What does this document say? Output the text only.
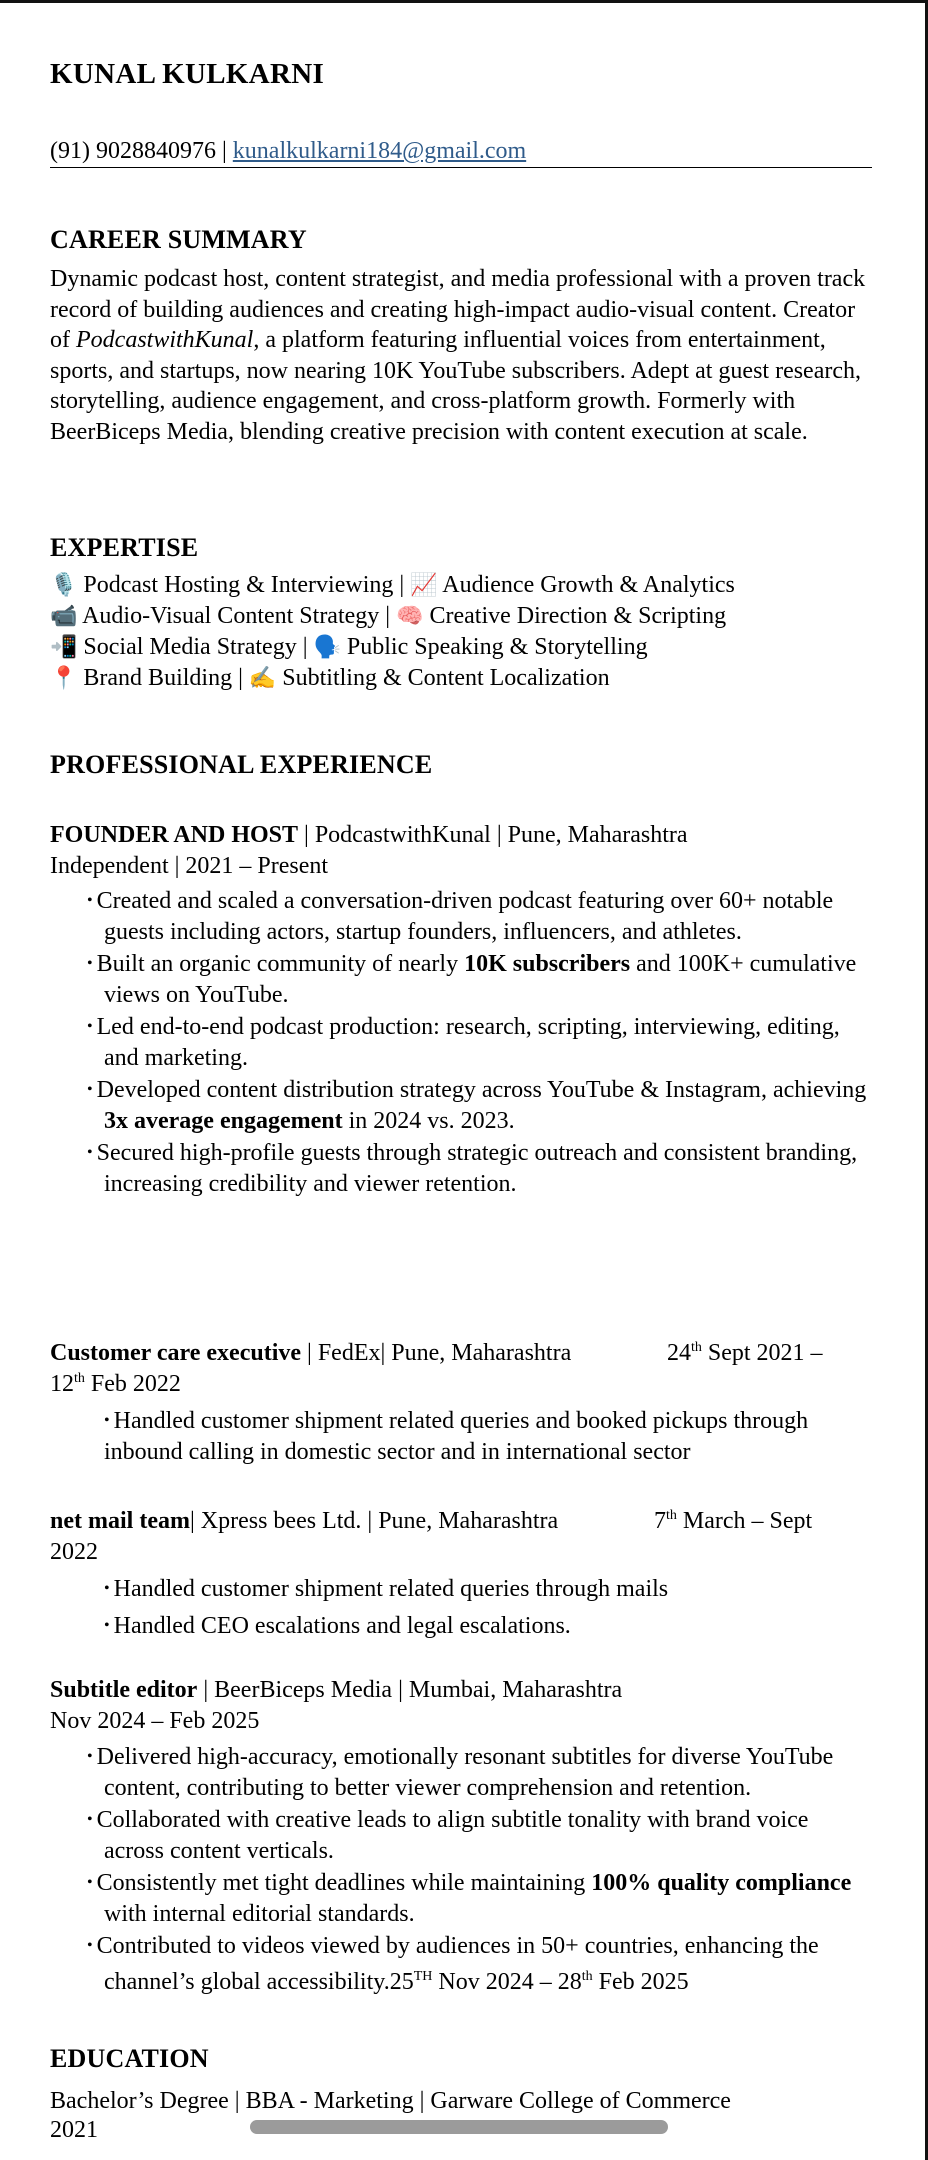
KUNAL KULKARNI
(91) 9028840976 | kunalkulkarni184@gmail.com
CAREER SUMMARY

Dynamic podcast host, content strategist, and media professional with a proven track record of building audiences and creating high-impact audio-visual content. Creator of PodcastwithKunal, a platform featuring influential voices from entertainment, sports, and startups, now nearing 10K YouTube subscribers. Adept at guest research, storytelling, audience engagement, and cross-platform growth. Formerly with BeerBiceps Media, blending creative precision with content execution at scale.

EXPERTISE
🎙️ Podcast Hosting & Interviewing | 📈 Audience Growth & Analytics
📹 Audio-Visual Content Strategy | 🧠 Creative Direction & Scripting
📲 Social Media Strategy | 🗣️ Public Speaking & Storytelling
📍 Brand Building | ✍️ Subtitling & Content Localization
PROFESSIONAL EXPERIENCE
FOUNDER AND HOST | PodcastwithKunal | Pune, Maharashtra
Independent | 2021 – Present
• Created and scaled a conversation-driven podcast featuring over 60+ notable guests including actors, startup founders, influencers, and athletes.
• Built an organic community of nearly 10K subscribers and 100K+ cumulative views on YouTube.
• Led end-to-end podcast production: research, scripting, interviewing, editing, and marketing.
• Developed content distribution strategy across YouTube & Instagram, achieving 3x average engagement in 2024 vs. 2023.
• Secured high-profile guests through strategic outreach and consistent branding, increasing credibility and viewer retention.
Customer care executive | FedEx| Pune, Maharashtra	24th Sept 2021 –
12th Feb 2022
• Handled customer shipment related queries and booked pickups through inbound calling in domestic sector and in international sector
net mail team| Xpress bees Ltd. | Pune, Maharashtra	7th March – Sept
2022
• Handled customer shipment related queries through mails
• Handled CEO escalations and legal escalations.
Subtitle editor | BeerBiceps Media | Mumbai, Maharashtra
Nov 2024 – Feb 2025
• Delivered high-accuracy, emotionally resonant subtitles for diverse YouTube content, contributing to better viewer comprehension and retention.
• Collaborated with creative leads to align subtitle tonality with brand voice across content verticals.
• Consistently met tight deadlines while maintaining 100% quality compliance with internal editorial standards.
• Contributed to videos viewed by audiences in 50+ countries, enhancing the channel’s global accessibility.25TH Nov 2024 – 28th Feb 2025
EDUCATION
Bachelor’s Degree | BBA - Marketing | Garware College of Commerce
2021
